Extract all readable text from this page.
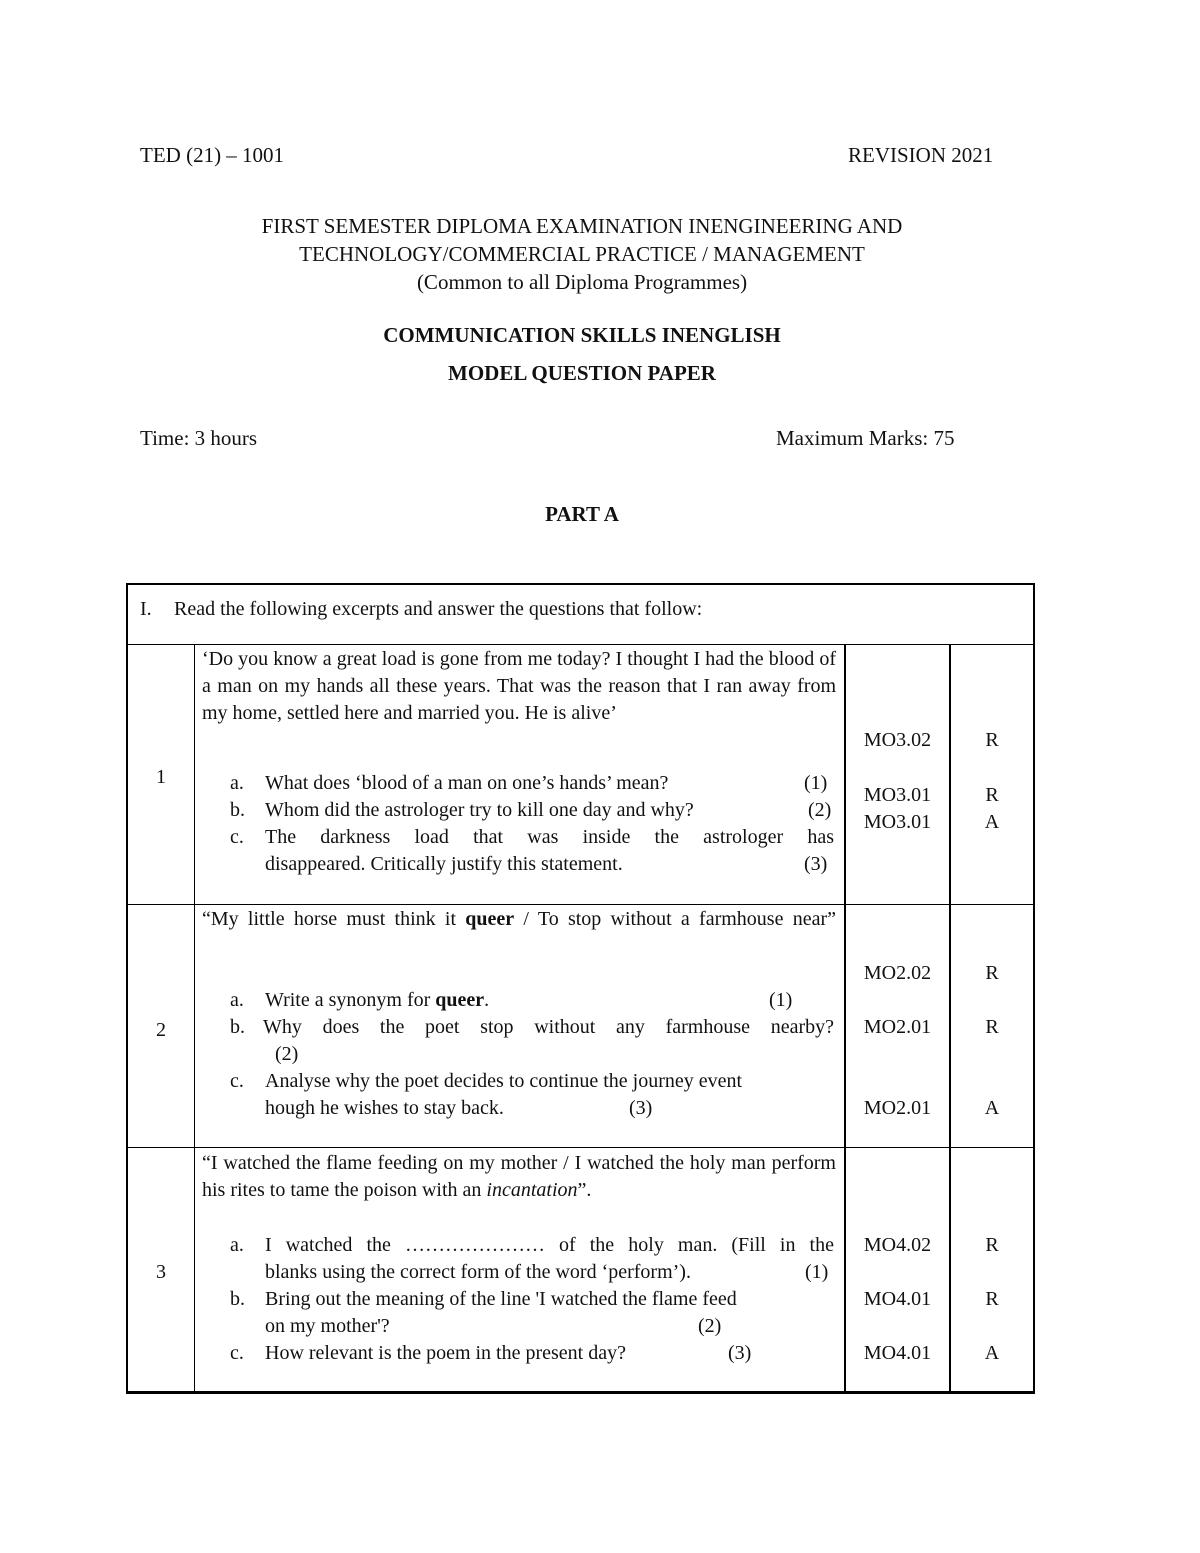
TED (21) – 1001	REVISION 2021
FIRST SEMESTER DIPLOMA EXAMINATION INENGINEERING AND
TECHNOLOGY/COMMERCIAL PRACTICE / MANAGEMENT
(Common to all Diploma Programmes)
COMMUNICATION SKILLS INENGLISH
MODEL QUESTION PAPER
Time: 3 hours	Maximum Marks: 75
PART A
I. Read the following excerpts and answer the questions that follow:
1
‘Do you know a great load is gone from me today? I thought I had the blood of a man on my hands all these years. That was the reason that I ran away from my home, settled here and married you. He is alive’
a.	What does ‘blood of a man on one’s hands’ mean?	(1)
b.	Whom did the astrologer try to kill one day and why?	(2)
c.	The darkness load that was inside the astrologer has
disappeared. Critically justify this statement.	(3)
MO3.02	R
MO3.01	R
MO3.01	A
2
“My little horse must think it queer / To stop without a farmhouse near”
a.	Write a synonym for queer.	(1)
b. Why does the poet stop without any farmhouse nearby?
(2)
c.	Analyse why the poet decides to continue the journey event
hough he wishes to stay back.	(3)
MO2.02	R
MO2.01	R
MO2.01	A
3
“I watched the flame feeding on my mother / I watched the holy man perform his rites to tame the poison with an incantation”.
a.	I watched the ………………… of the holy man. (Fill in the
blanks using the correct form of the word ‘perform’).	(1)
b.	Bring out the meaning of the line 'I watched the flame feed
on my mother'?	(2)
c.	How relevant is the poem in the present day?	(3)
MO4.02	R
MO4.01	R
MO4.01	A
